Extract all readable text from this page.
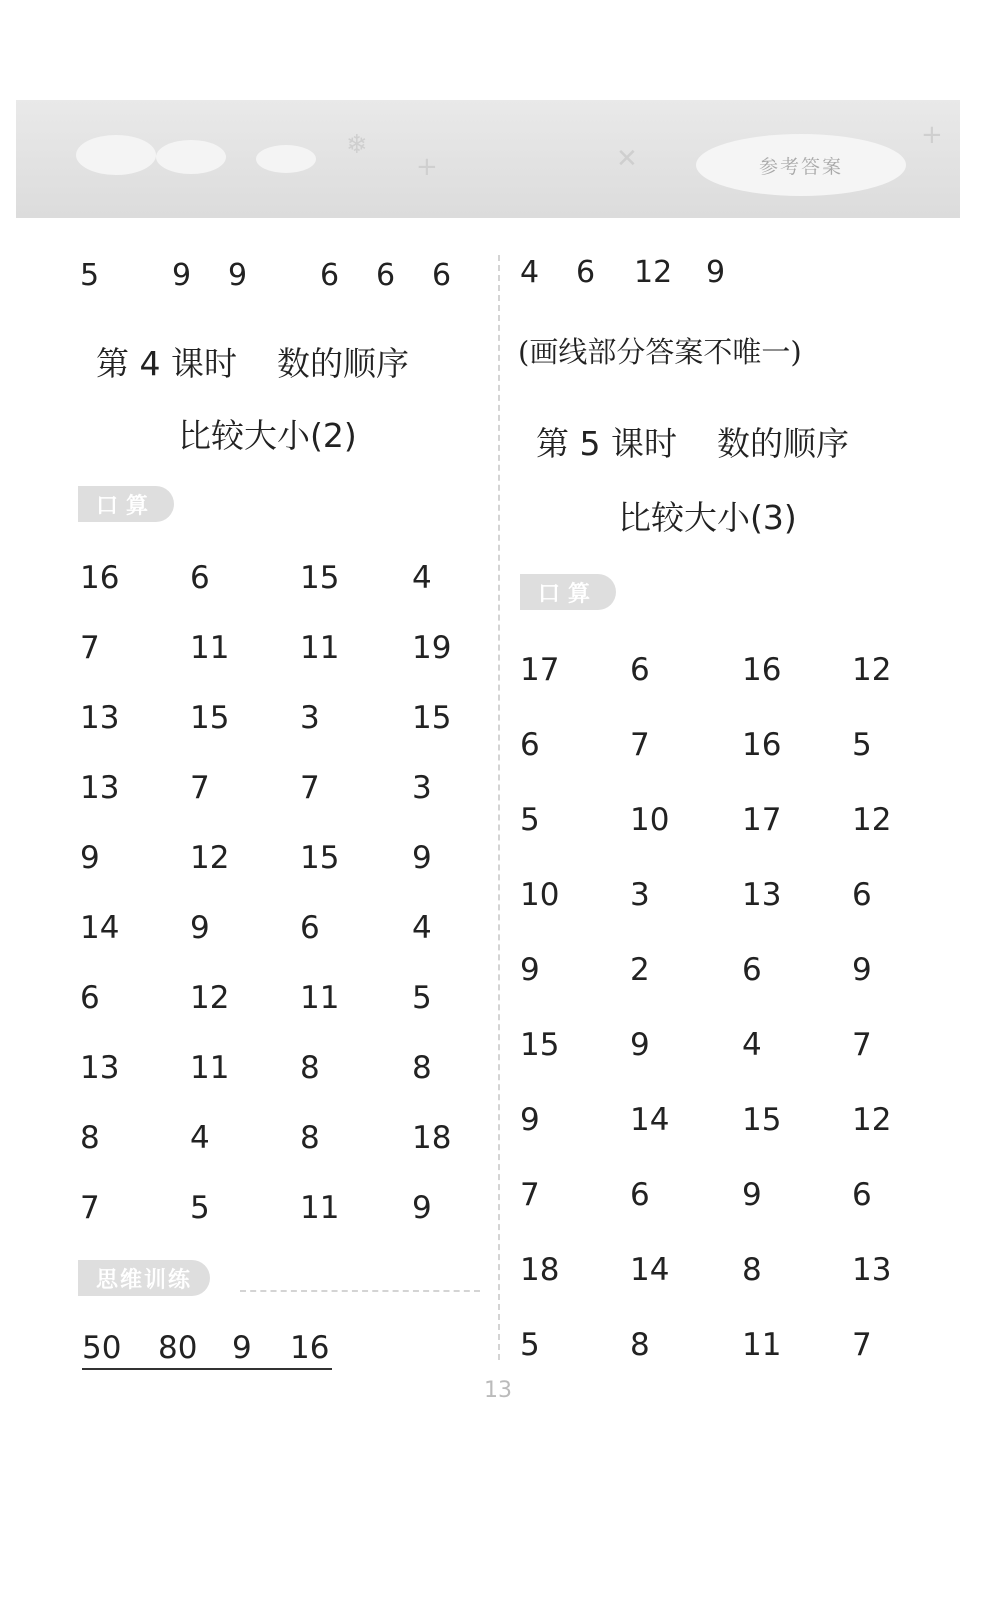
❄
+	✕
+
参考答案
5 9 9 6 6 6
第 4 课时 数的顺序
比较大小(2)
口算
16 6	15 4
7	11 11 19
13 15 3	15
13 7	7	3
9	12 15 9
14 9	6	4
6	12 11 5
13 11 8	8
8	4	8	18
7	5	11 9
思维训练
50 80 9 16
4 6 12 9
(画线部分答案不唯一)
第 5 课时 数的顺序
比较大小(3)
口算
17 6	16 12
6	7	16 5
5	10 17 12
10 3	13 6
9	2	6	9
15 9	4	7
9	14 15 12
7	6	9	6
18 14 8	13
5	8	11 7
13
